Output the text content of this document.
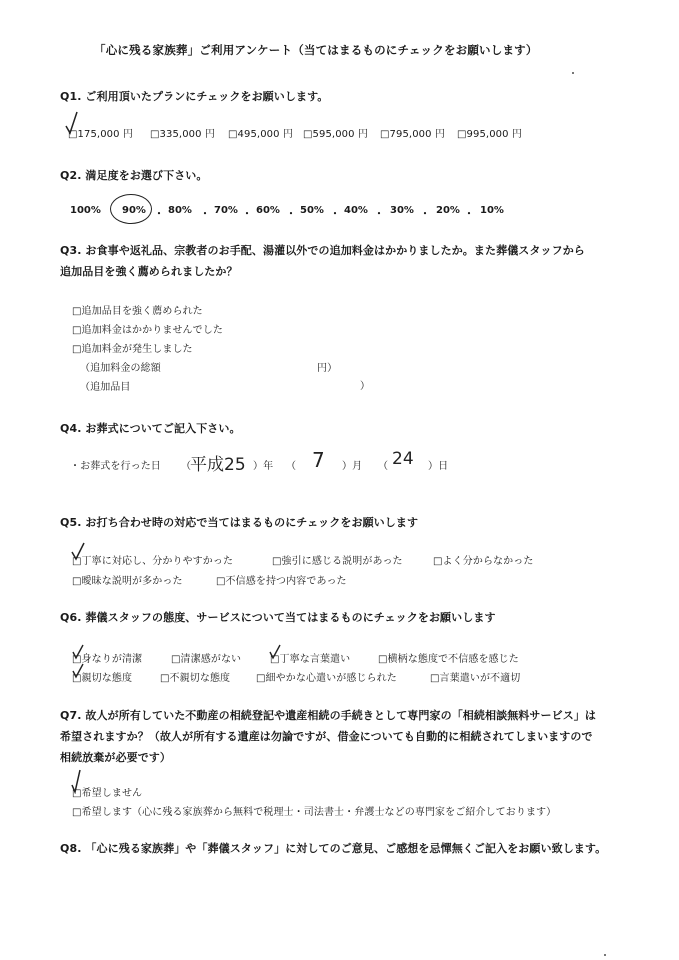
「心に残る家族葬」ご利用アンケート（当てはまるものにチェックをお願いします）
Q1. ご利用頂いたプランにチェックをお願いします。
□175,000 円 □335,000 円 □495,000 円 □595,000 円 □795,000 円 □995,000 円
Q2. 満足度をお選び下さい。
100% 90% ・ 80% ・ 70% ・ 60% ・ 50% ・ 40% ・ 30% ・ 20% ・ 10%
Q3. お食事や返礼品、宗教者のお手配、湯灌以外での追加料金はかかりましたか。また葬儀スタッフから
追加品目を強く薦められましたか？
□追加品目を強く薦められた
□追加料金はかかりませんでした
□追加料金が発生しました
（追加料金の総額	円）
（追加品目	）
Q4. お葬式についてご記入下さい。
・お葬式を行った日 （
平成25 ）年 （ 7 ）月 （ 24 ）日
Q5. お打ち合わせ時の対応で当てはまるものにチェックをお願いします
□丁寧に対応し、分かりやすかった	□強引に感じる説明があった	□よく分からなかった
□曖昧な説明が多かった	□不信感を持つ内容であった
Q6. 葬儀スタッフの態度、サービスについて当てはまるものにチェックをお願いします
□身なりが清潔	□清潔感がない	□丁寧な言葉遣い	□横柄な態度で不信感を感じた
□親切な態度	□不親切な態度	□細やかな心遣いが感じられた	□言葉遣いが不適切
Q7. 故人が所有していた不動産の相続登記や遺産相続の手続きとして専門家の「相続相談無料サービス」は
希望されますか？（故人が所有する遺産は勿論ですが、借金についても自動的に相続されてしまいますので
相続放棄が必要です）
□希望しません
□希望します（心に残る家族葬から無料で税理士・司法書士・弁護士などの専門家をご紹介しております）
Q8. 「心に残る家族葬」や「葬儀スタッフ」に対してのご意見、ご感想を忌憚無くご記入をお願い致します。
